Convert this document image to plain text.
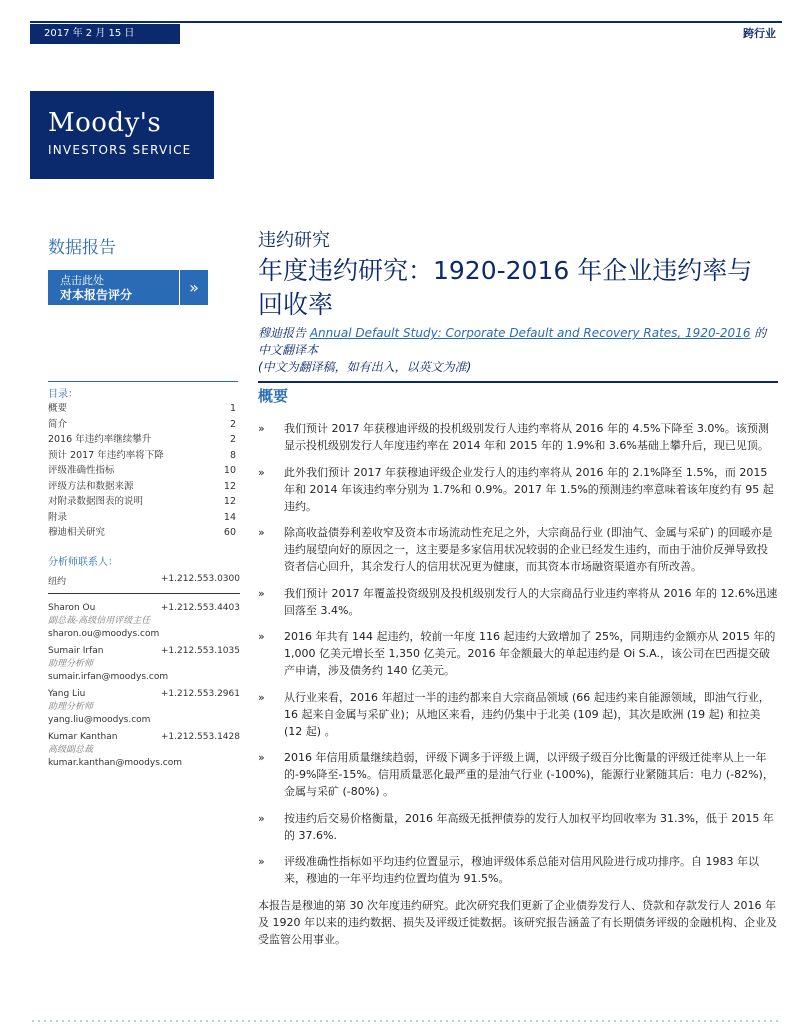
2017 年 2 月 15 日	跨行业
Moody's
INVESTORS SERVICE
数据报告
点击此处
对本报告评分	»
违约研究
年度违约研究：1920-2016 年企业违约率与回收率
穆迪报告 Annual Default Study: Corporate Default and Recovery Rates, 1920-2016 的中文翻译本
(中文为翻译稿，如有出入，以英文为准)
目录：
概要	1
简介	2
2016 年违约率继续攀升	2
预计 2017 年违约率将下降	8
评级准确性指标	10
评级方法和数据来源	12
对附录数据图表的说明	12
附录	14
穆迪相关研究	60
分析师联系人：
纽约	+1.212.553.0300
Sharon Ou	+1.212.553.4403
副总裁-高级信用评级主任
sharon.ou@moodys.com
Sumair Irfan	+1.212.553.1035
助理分析师
sumair.irfan@moodys.com
Yang Liu	+1.212.553.2961
助理分析师
yang.liu@moodys.com
Kumar Kanthan	+1.212.553.1428
高级副总裁
kumar.kanthan@moodys.com
概要
» 我们预计 2017 年获穆迪评级的投机级别发行人违约率将从 2016 年的 4.5%下降至 3.0%。该预测显示投机级别发行人年度违约率在 2014 年和 2015 年的 1.9%和 3.6%基础上攀升后，现已见顶。
» 此外我们预计 2017 年获穆迪评级企业发行人的违约率将从 2016 年的 2.1%降至 1.5%，而 2015 年和 2014 年该违约率分别为 1.7%和 0.9%。2017 年 1.5%的预测违约率意味着该年度约有 95 起违约。
» 除高收益债券利差收窄及资本市场流动性充足之外，大宗商品行业 (即油气、金属与采矿) 的回暖亦是违约展望向好的原因之一，这主要是多家信用状况较弱的企业已经发生违约，而由于油价反弹导致投资者信心回升，其余发行人的信用状况更为健康，而其资本市场融资渠道亦有所改善。
» 我们预计 2017 年覆盖投资级别及投机级别发行人的大宗商品行业违约率将从 2016 年的 12.6%迅速回落至 3.4%。
» 2016 年共有 144 起违约，较前一年度 116 起违约大致增加了 25%，同期违约金额亦从 2015 年的 1,000 亿美元增长至 1,350 亿美元。2016 年金额最大的单起违约是 Oi S.A.，该公司在巴西提交破产申请，涉及债务约 140 亿美元。
» 从行业来看，2016 年超过一半的违约都来自大宗商品领域 (66 起违约来自能源领域，即油气行业，16 起来自金属与采矿业)；从地区来看，违约仍集中于北美 (109 起)，其次是欧洲 (19 起) 和拉美 (12 起) 。
» 2016 年信用质量继续趋弱，评级下调多于评级上调，以评级子级百分比衡量的评级迁徙率从上一年的-9%降至-15%。信用质量恶化最严重的是油气行业 (-100%)，能源行业紧随其后：电力 (-82%)，金属与采矿 (-80%) 。
» 按违约后交易价格衡量，2016 年高级无抵押债券的发行人加权平均回收率为 31.3%，低于 2015 年的 37.6%.
» 评级准确性指标如平均违约位置显示，穆迪评级体系总能对信用风险进行成功排序。自 1983 年以来，穆迪的一年平均违约位置均值为 91.5%。
本报告是穆迪的第 30 次年度违约研究。此次研究我们更新了企业债券发行人、贷款和存款发行人 2016 年及 1920 年以来的违约数据、损失及评级迁徙数据。该研究报告涵盖了有长期债务评级的金融机构、企业及受监管公用事业。
